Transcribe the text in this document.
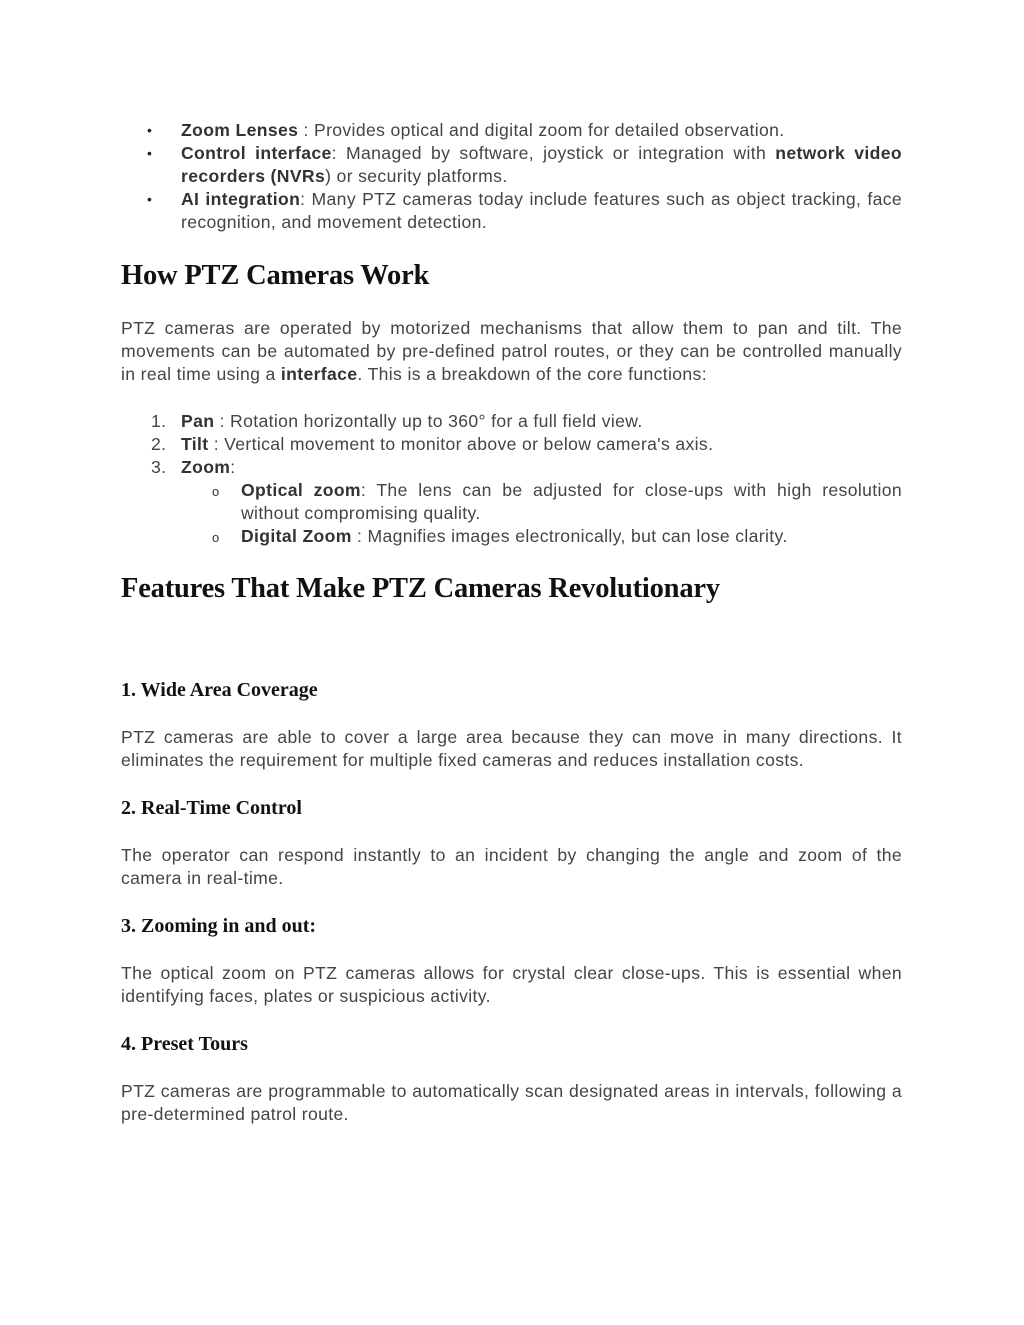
• Zoom Lenses : Provides optical and digital zoom for detailed observation.
• Control interface: Managed by software, joystick or integration with network video recorders (NVRs) or security platforms.
• AI integration: Many PTZ cameras today include features such as object tracking, face recognition, and movement detection.
How PTZ Cameras Work

PTZ cameras are operated by motorized mechanisms that allow them to pan and tilt. The movements can be automated by pre-defined patrol routes, or they can be controlled manually in real time using a interface. This is a breakdown of the core functions:

1. Pan : Rotation horizontally up to 360° for a full field view.
2. Tilt : Vertical movement to monitor above or below camera's axis.
3. Zoom:
o Optical zoom: The lens can be adjusted for close-ups with high resolution without compromising quality.
o Digital Zoom : Magnifies images electronically, but can lose clarity.
Features That Make PTZ Cameras Revolutionary
1. Wide Area Coverage

PTZ cameras are able to cover a large area because they can move in many directions. It eliminates the requirement for multiple fixed cameras and reduces installation costs.

2. Real-Time Control

The operator can respond instantly to an incident by changing the angle and zoom of the camera in real-time.

3. Zooming in and out:

The optical zoom on PTZ cameras allows for crystal clear close-ups. This is essential when identifying faces, plates or suspicious activity.

4. Preset Tours

PTZ cameras are programmable to automatically scan designated areas in intervals, following a pre-determined patrol route.
